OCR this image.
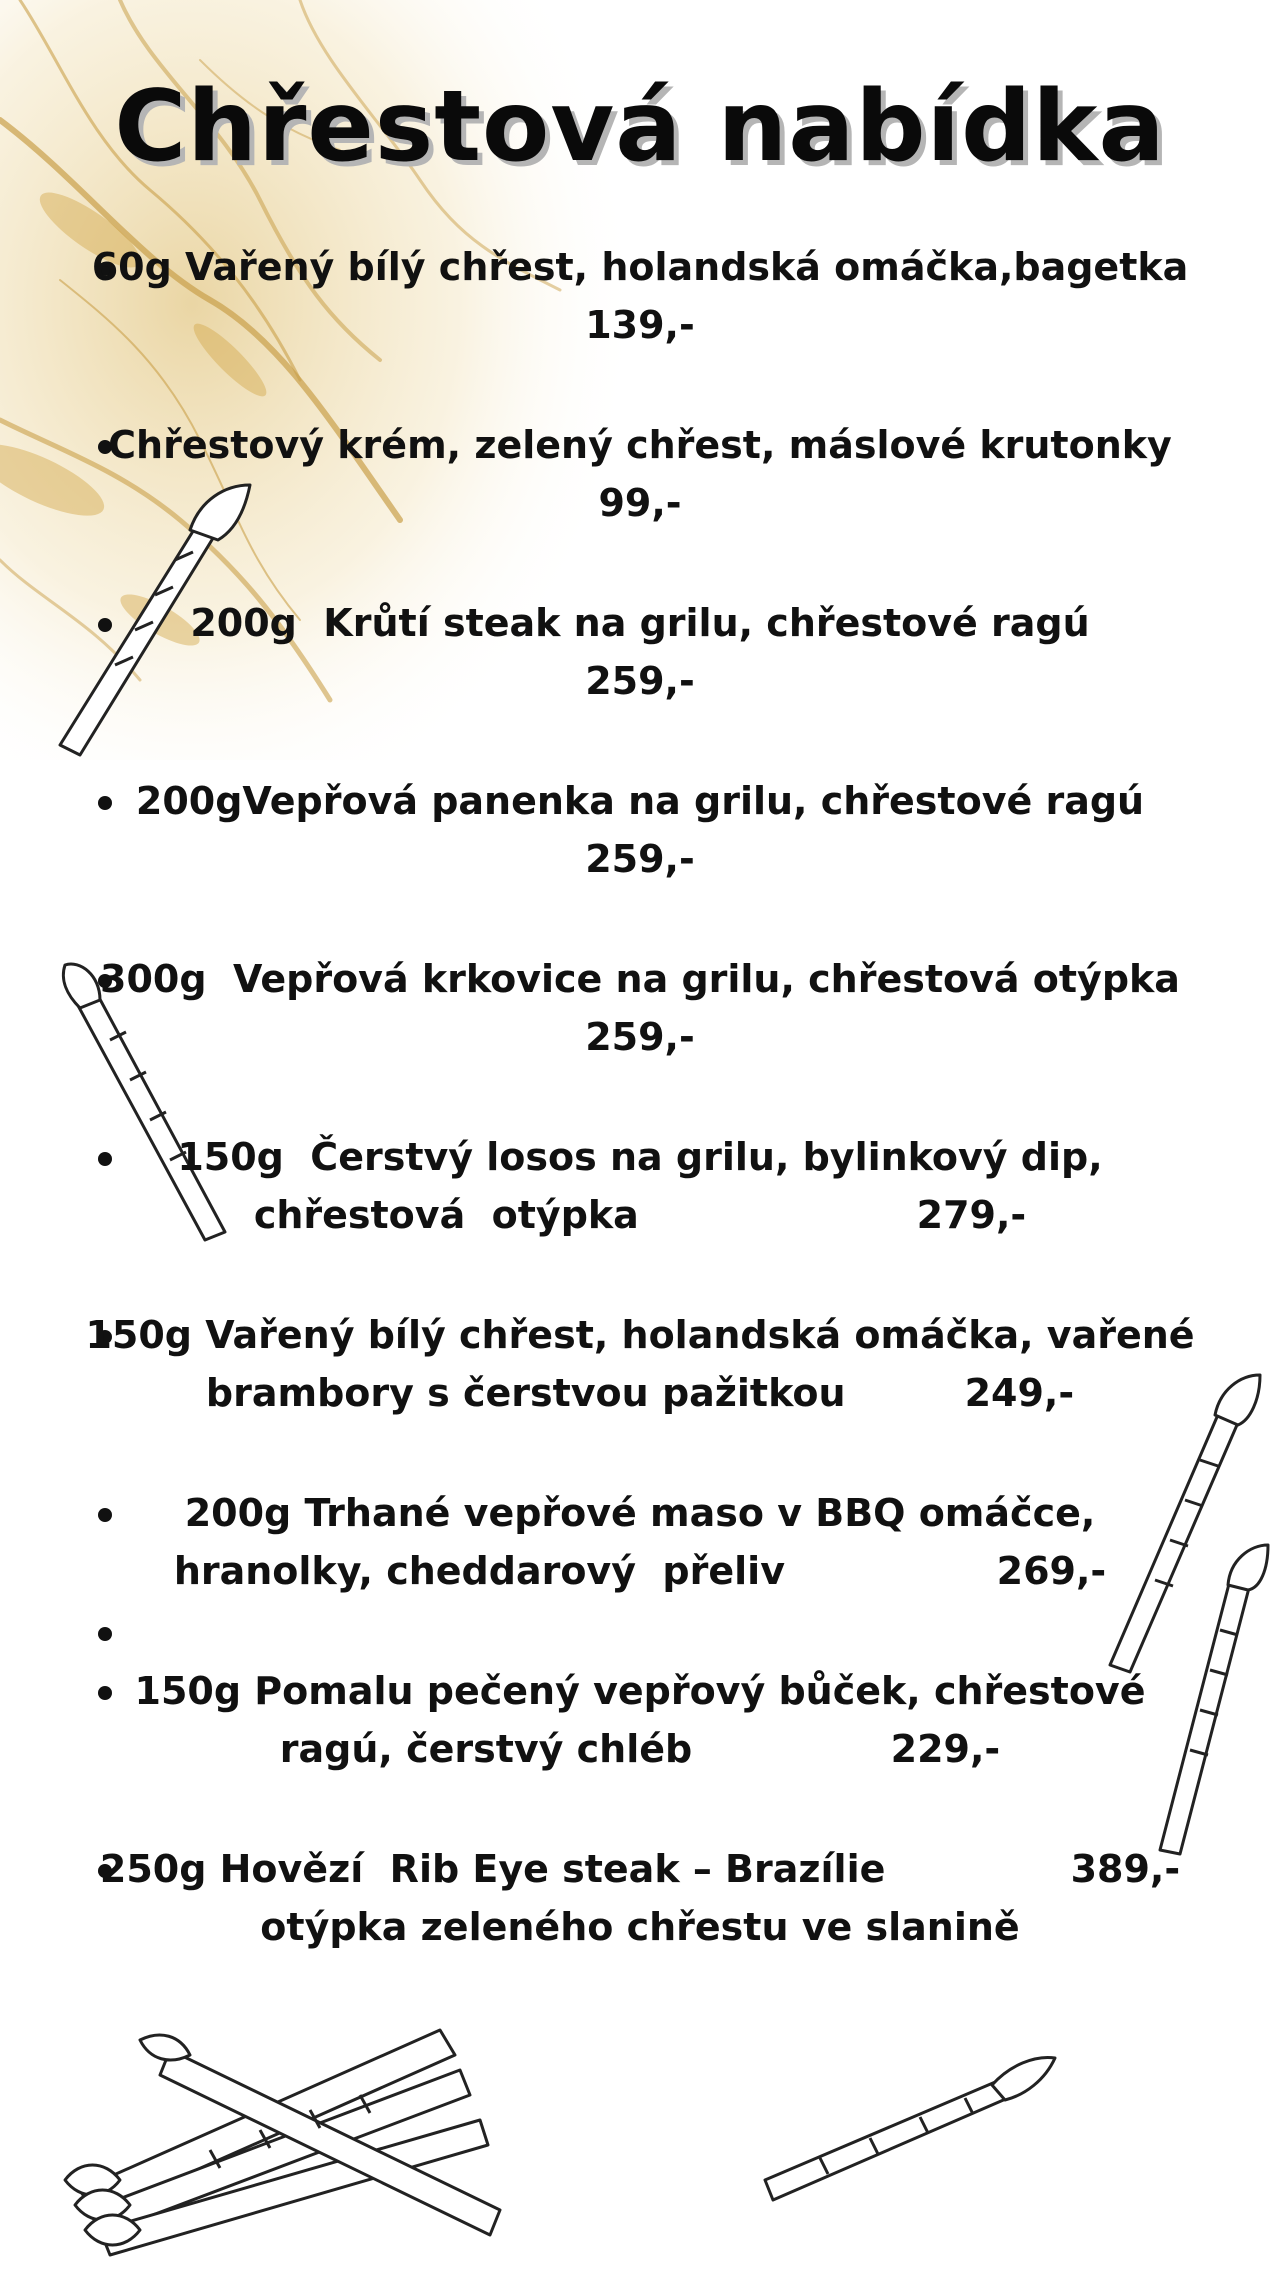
Chřestová nabídka
60g Vařený bílý chřest, holandská omáčka,bagetka
139,-
Chřestový krém, zelený chřest, máslové krutonky
99,-
200g  Krůtí steak na grilu, chřestové ragú
259,-
200gVepřová panenka na grilu, chřestové ragú
259,-
300g  Vepřová krkovice na grilu, chřestová otýpka
259,-
150g  Čerstvý losos na grilu, bylinkový dip,
chřestová  otýpka                     279,-
150g Vařený bílý chřest, holandská omáčka, vařené
brambory s čerstvou pažitkou         249,-
200g Trhané vepřové maso v BBQ omáčce,
hranolky, cheddarový  přeliv                269,-
150g Pomalu pečený vepřový bůček, chřestové
ragú, čerstvý chléb               229,-
250g Hovězí  Rib Eye steak – Brazílie              389,-
otýpka zeleného chřestu ve slanině
